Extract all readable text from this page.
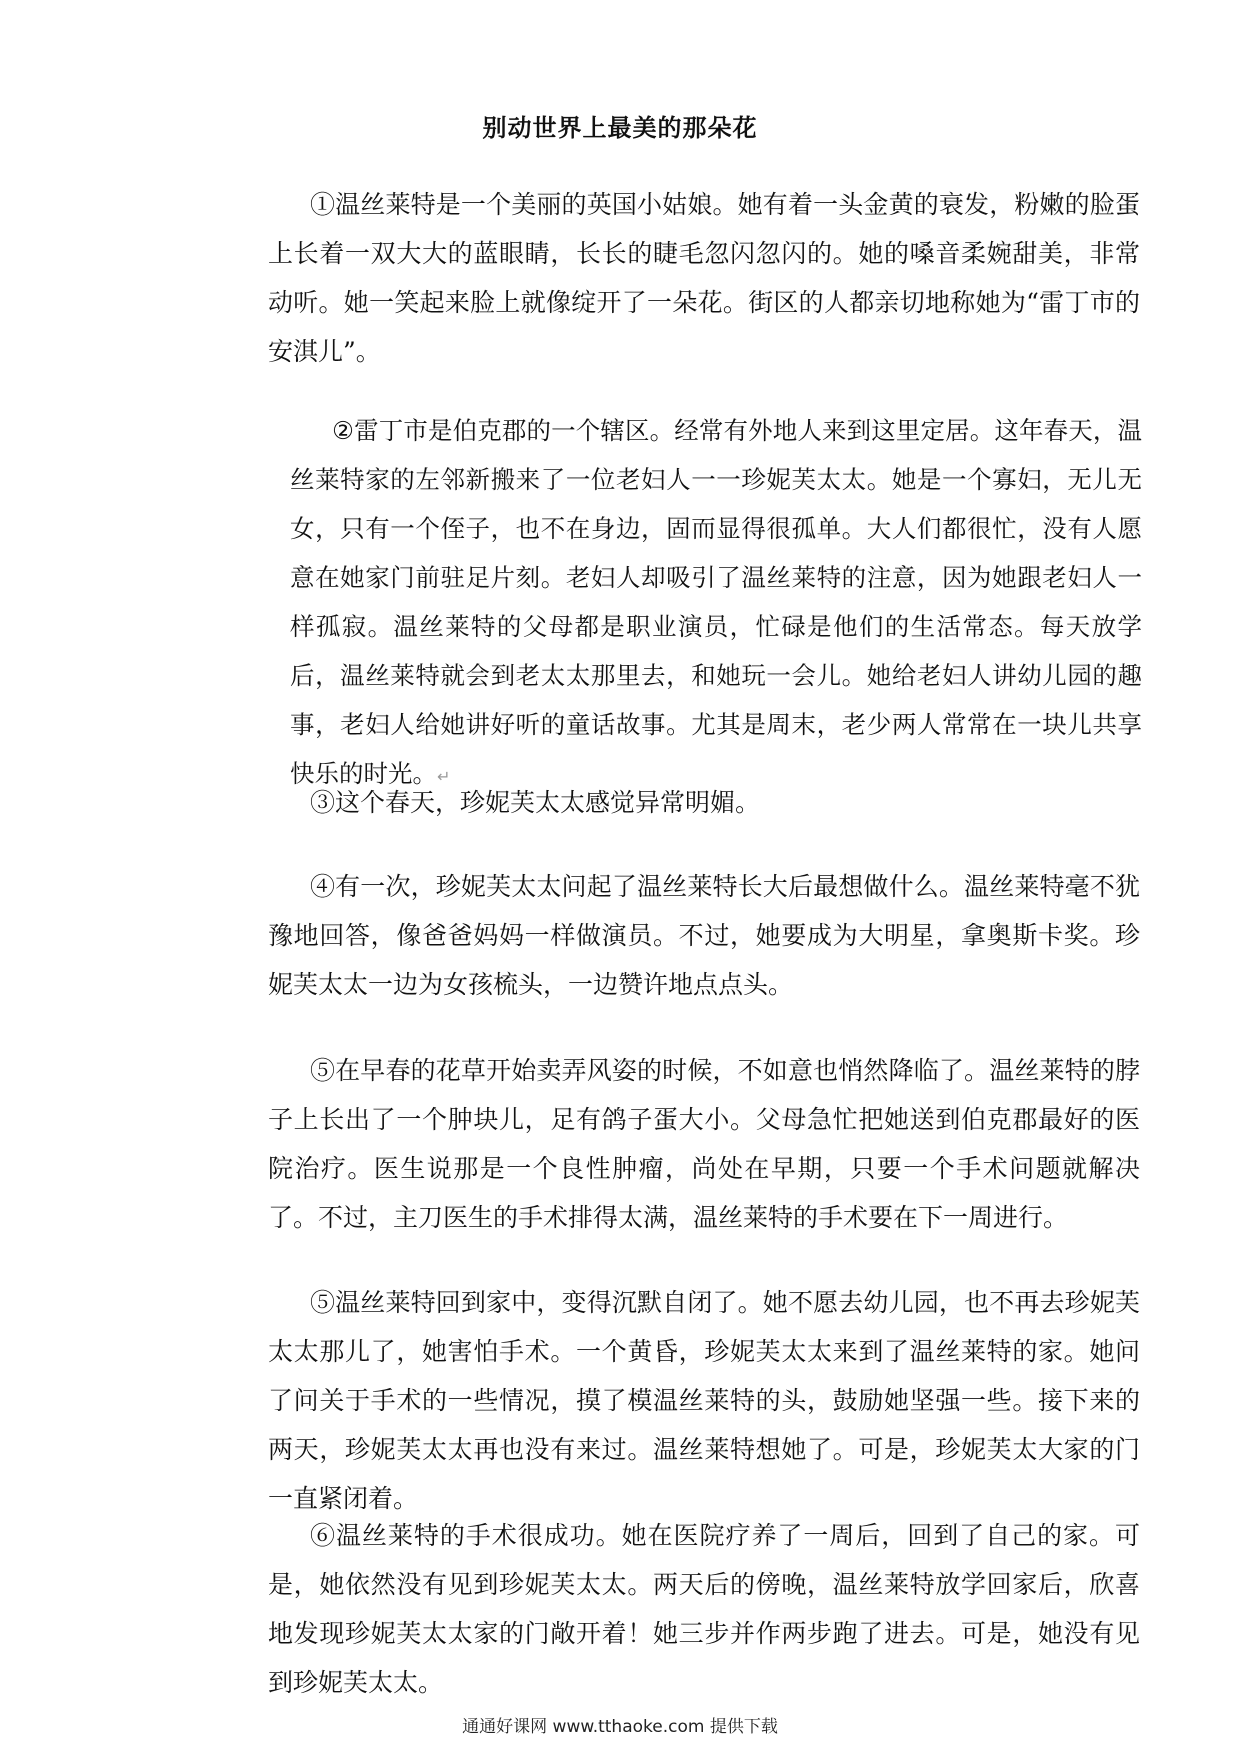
别动世界上最美的那朵花

①温丝莱特是一个美丽的英国小姑娘。她有着一头金黄的衰发，粉嫩的脸蛋上长着一双大大的蓝眼睛，长长的睫毛忽闪忽闪的。她的嗓音柔婉甜美，非常动听。她一笑起来脸上就像绽开了一朵花。街区的人都亲切地称她为“雷丁市的安淇儿”。

②雷丁市是伯克郡的一个辖区。经常有外地人来到这里定居。这年春天，温丝莱特家的左邻新搬来了一位老妇人一一珍妮芙太太。她是一个寡妇，无儿无女，只有一个侄子，也不在身边，固而显得很孤单。大人们都很忙，没有人愿意在她家门前驻足片刻。老妇人却吸引了温丝莱特的注意，因为她跟老妇人一样孤寂。温丝莱特的父母都是职业演员，忙碌是他们的生活常态。每天放学后，温丝莱特就会到老太太那里去，和她玩一会儿。她给老妇人讲幼儿园的趣事，老妇人给她讲好听的童话故事。尤其是周末，老少两人常常在一块儿共享快乐的时光。↵

③这个春天，珍妮芙太太感觉异常明媚。

④有一次，珍妮芙太太问起了温丝莱特长大后最想做什么。温丝莱特毫不犹豫地回答，像爸爸妈妈一样做演员。不过，她要成为大明星，拿奥斯卡奖。珍妮芙太太一边为女孩梳头，一边赞许地点点头。

⑤在早春的花草开始卖弄风姿的时候，不如意也悄然降临了。温丝莱特的脖子上长出了一个肿块儿，足有鸽子蛋大小。父母急忙把她送到伯克郡最好的医院治疗。医生说那是一个良性肿瘤，尚处在早期，只要一个手术问题就解决了。不过，主刀医生的手术排得太满，温丝莱特的手术要在下一周进行。

⑤温丝莱特回到家中，变得沉默自闭了。她不愿去幼儿园，也不再去珍妮芙太太那儿了，她害怕手术。一个黄昏，珍妮芙太太来到了温丝莱特的家。她问了问关于手术的一些情况，摸了模温丝莱特的头，鼓励她坚强一些。接下来的两天，珍妮芙太太再也没有来过。温丝莱特想她了。可是，珍妮芙太大家的门一直紧闭着。

⑥温丝莱特的手术很成功。她在医院疗养了一周后，回到了自己的家。可是，她依然没有见到珍妮芙太太。两天后的傍晚，温丝莱特放学回家后，欣喜地发现珍妮芙太太家的门敞开着！她三步并作两步跑了进去。可是，她没有见到珍妮芙太太。

通通好课网 www.tthaoke.com 提供下载
